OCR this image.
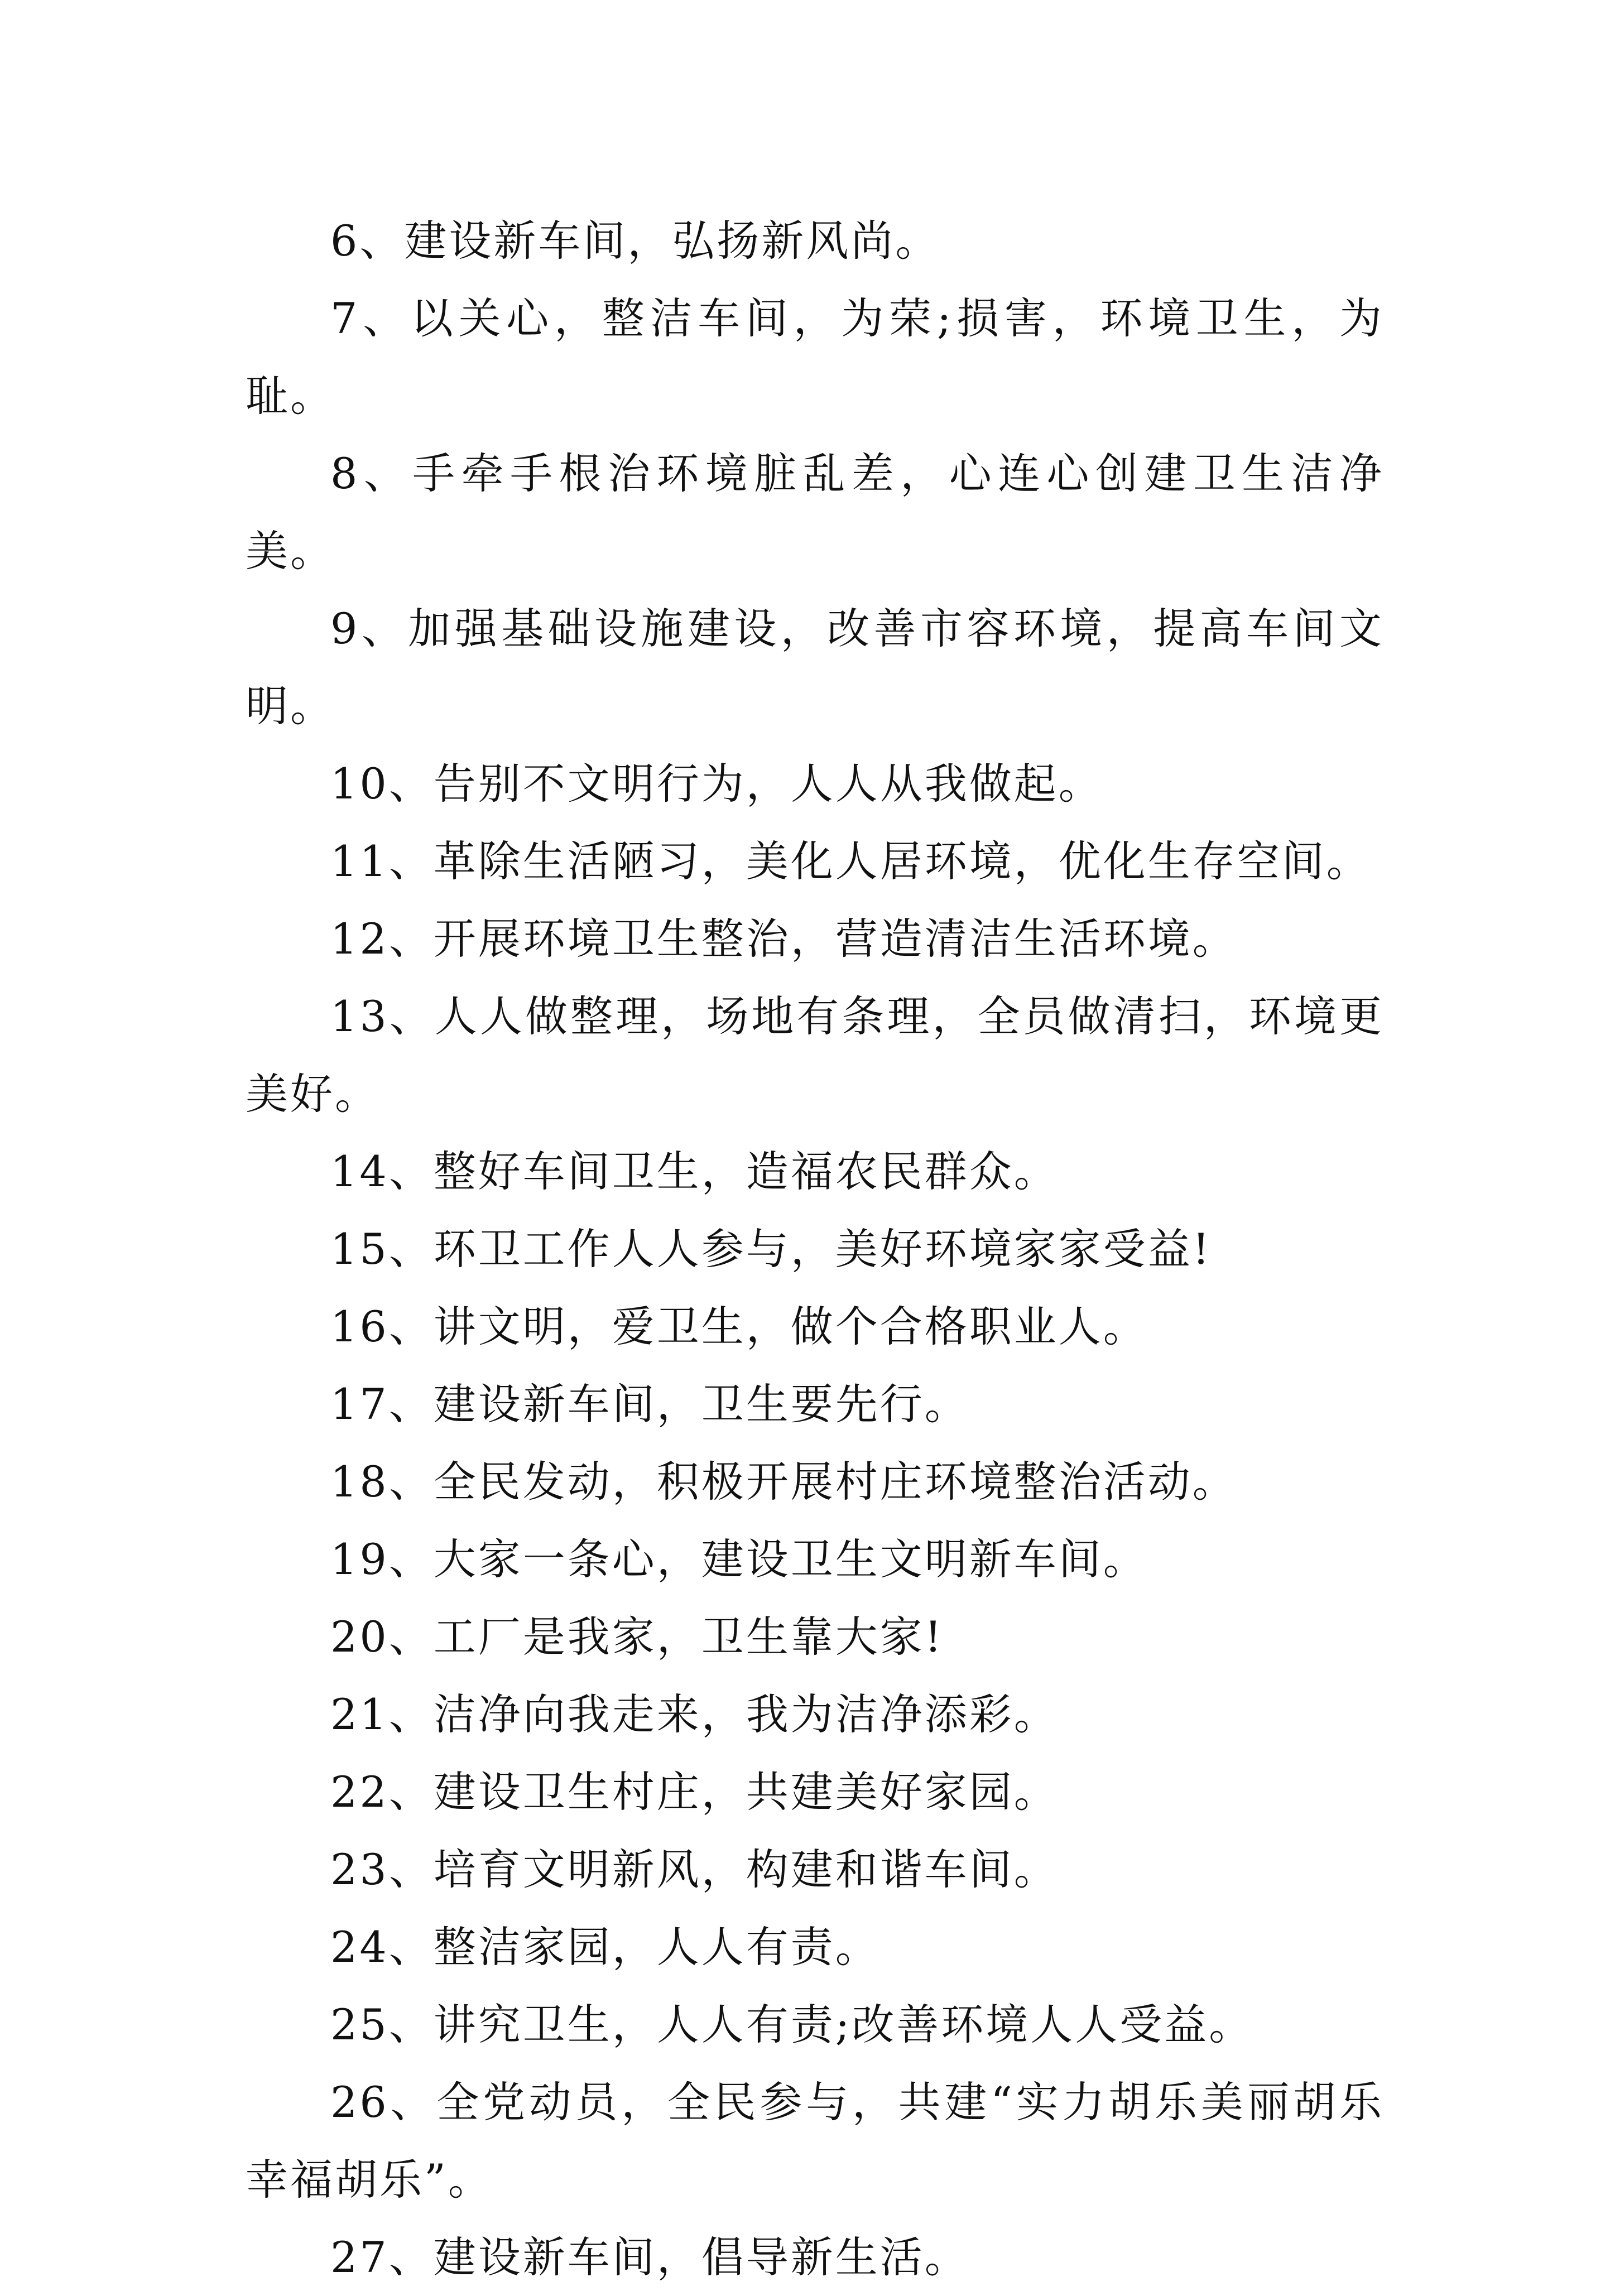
6、建设新车间，弘扬新风尚。

7、以关心，整洁车间，为荣;损害，环境卫生，为耻。

8、手牵手根治环境脏乱差，心连心创建卫生洁净美。

9、加强基础设施建设，改善市容环境，提高车间文明。

10、告别不文明行为，人人从我做起。

11、革除生活陋习，美化人居环境，优化生存空间。

12、开展环境卫生整治，营造清洁生活环境。

13、人人做整理，场地有条理，全员做清扫，环境更美好。

14、整好车间卫生，造福农民群众。

15、环卫工作人人参与，美好环境家家受益!

16、讲文明，爱卫生，做个合格职业人。

17、建设新车间，卫生要先行。

18、全民发动，积极开展村庄环境整治活动。

19、大家一条心，建设卫生文明新车间。

20、工厂是我家，卫生靠大家!

21、洁净向我走来，我为洁净添彩。

22、建设卫生村庄，共建美好家园。

23、培育文明新风，构建和谐车间。

24、整洁家园，人人有责。

25、讲究卫生，人人有责;改善环境人人受益。

26、全党动员，全民参与，共建“实力胡乐美丽胡乐幸福胡乐”。

27、建设新车间，倡导新生活。
